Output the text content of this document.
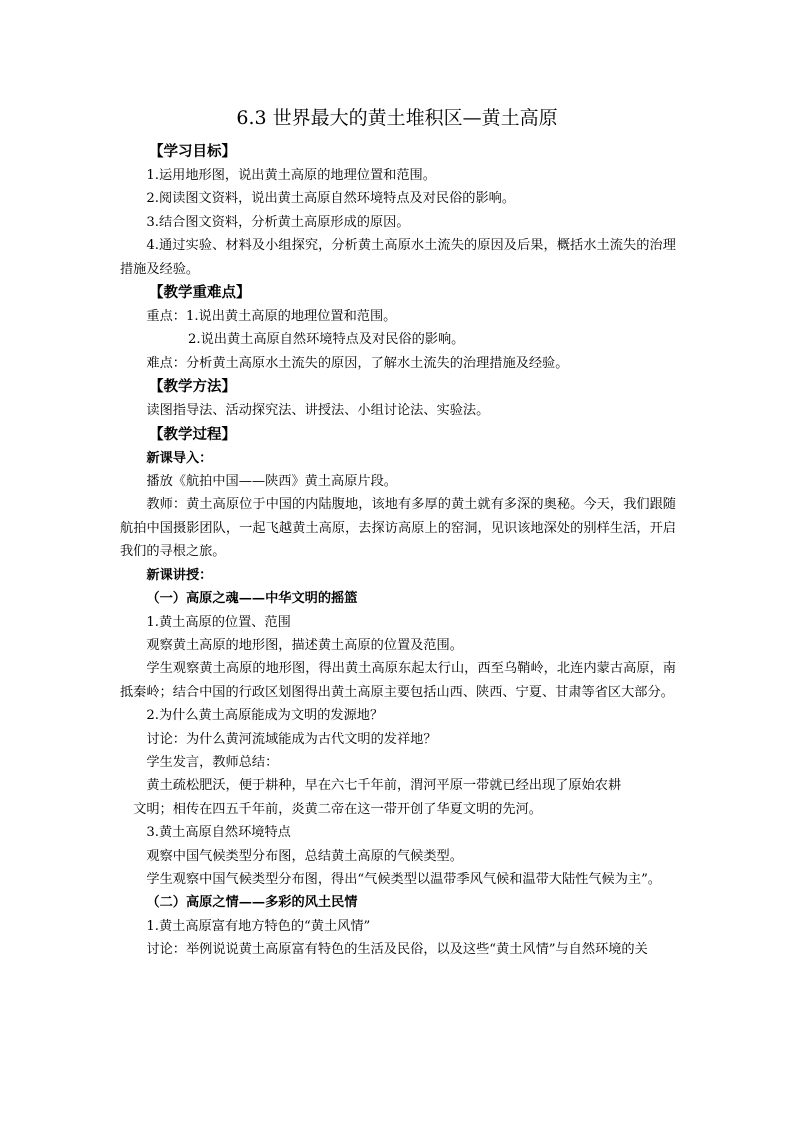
6.3 世界最大的黄土堆积区—黄土高原

【学习目标】

1.运用地形图，说出黄土高原的地理位置和范围。

2.阅读图文资料，说出黄土高原自然环境特点及对民俗的影响。

3.结合图文资料，分析黄土高原形成的原因。

4.通过实验、材料及小组探究，分析黄土高原水土流失的原因及后果，概括水土流失的治理措施及经验。

【教学重难点】

重点：1.说出黄土高原的地理位置和范围。

2.说出黄土高原自然环境特点及对民俗的影响。

难点：分析黄土高原水土流失的原因，了解水土流失的治理措施及经验。

【教学方法】

读图指导法、活动探究法、讲授法、小组讨论法、实验法。

【教学过程】

新课导入：

播放《航拍中国——陕西》黄土高原片段。

教师：黄土高原位于中国的内陆腹地，该地有多厚的黄土就有多深的奥秘。今天，我们跟随航拍中国摄影团队，一起飞越黄土高原，去探访高原上的窑洞，见识该地深处的别样生活，开启我们的寻根之旅。

新课讲授：

（一）高原之魂——中华文明的摇篮

1.黄土高原的位置、范围

观察黄土高原的地形图，描述黄土高原的位置及范围。

学生观察黄土高原的地形图，得出黄土高原东起太行山，西至乌鞘岭，北连内蒙古高原，南抵秦岭；结合中国的行政区划图得出黄土高原主要包括山西、陕西、宁夏、甘肃等省区大部分。

2.为什么黄土高原能成为文明的发源地？

讨论：为什么黄河流域能成为古代文明的发祥地？

学生发言，教师总结：

黄土疏松肥沃，便于耕种，早在六七千年前，渭河平原一带就已经出现了原始农耕

文明；相传在四五千年前，炎黄二帝在这一带开创了华夏文明的先河。

3.黄土高原自然环境特点

观察中国气候类型分布图，总结黄土高原的气候类型。

学生观察中国气候类型分布图，得出“气候类型以温带季风气候和温带大陆性气候为主”。

（二）高原之情——多彩的风土民情

1.黄土高原富有地方特色的“黄土风情”

讨论：举例说说黄土高原富有特色的生活及民俗，以及这些“黄土风情”与自然环境的关
